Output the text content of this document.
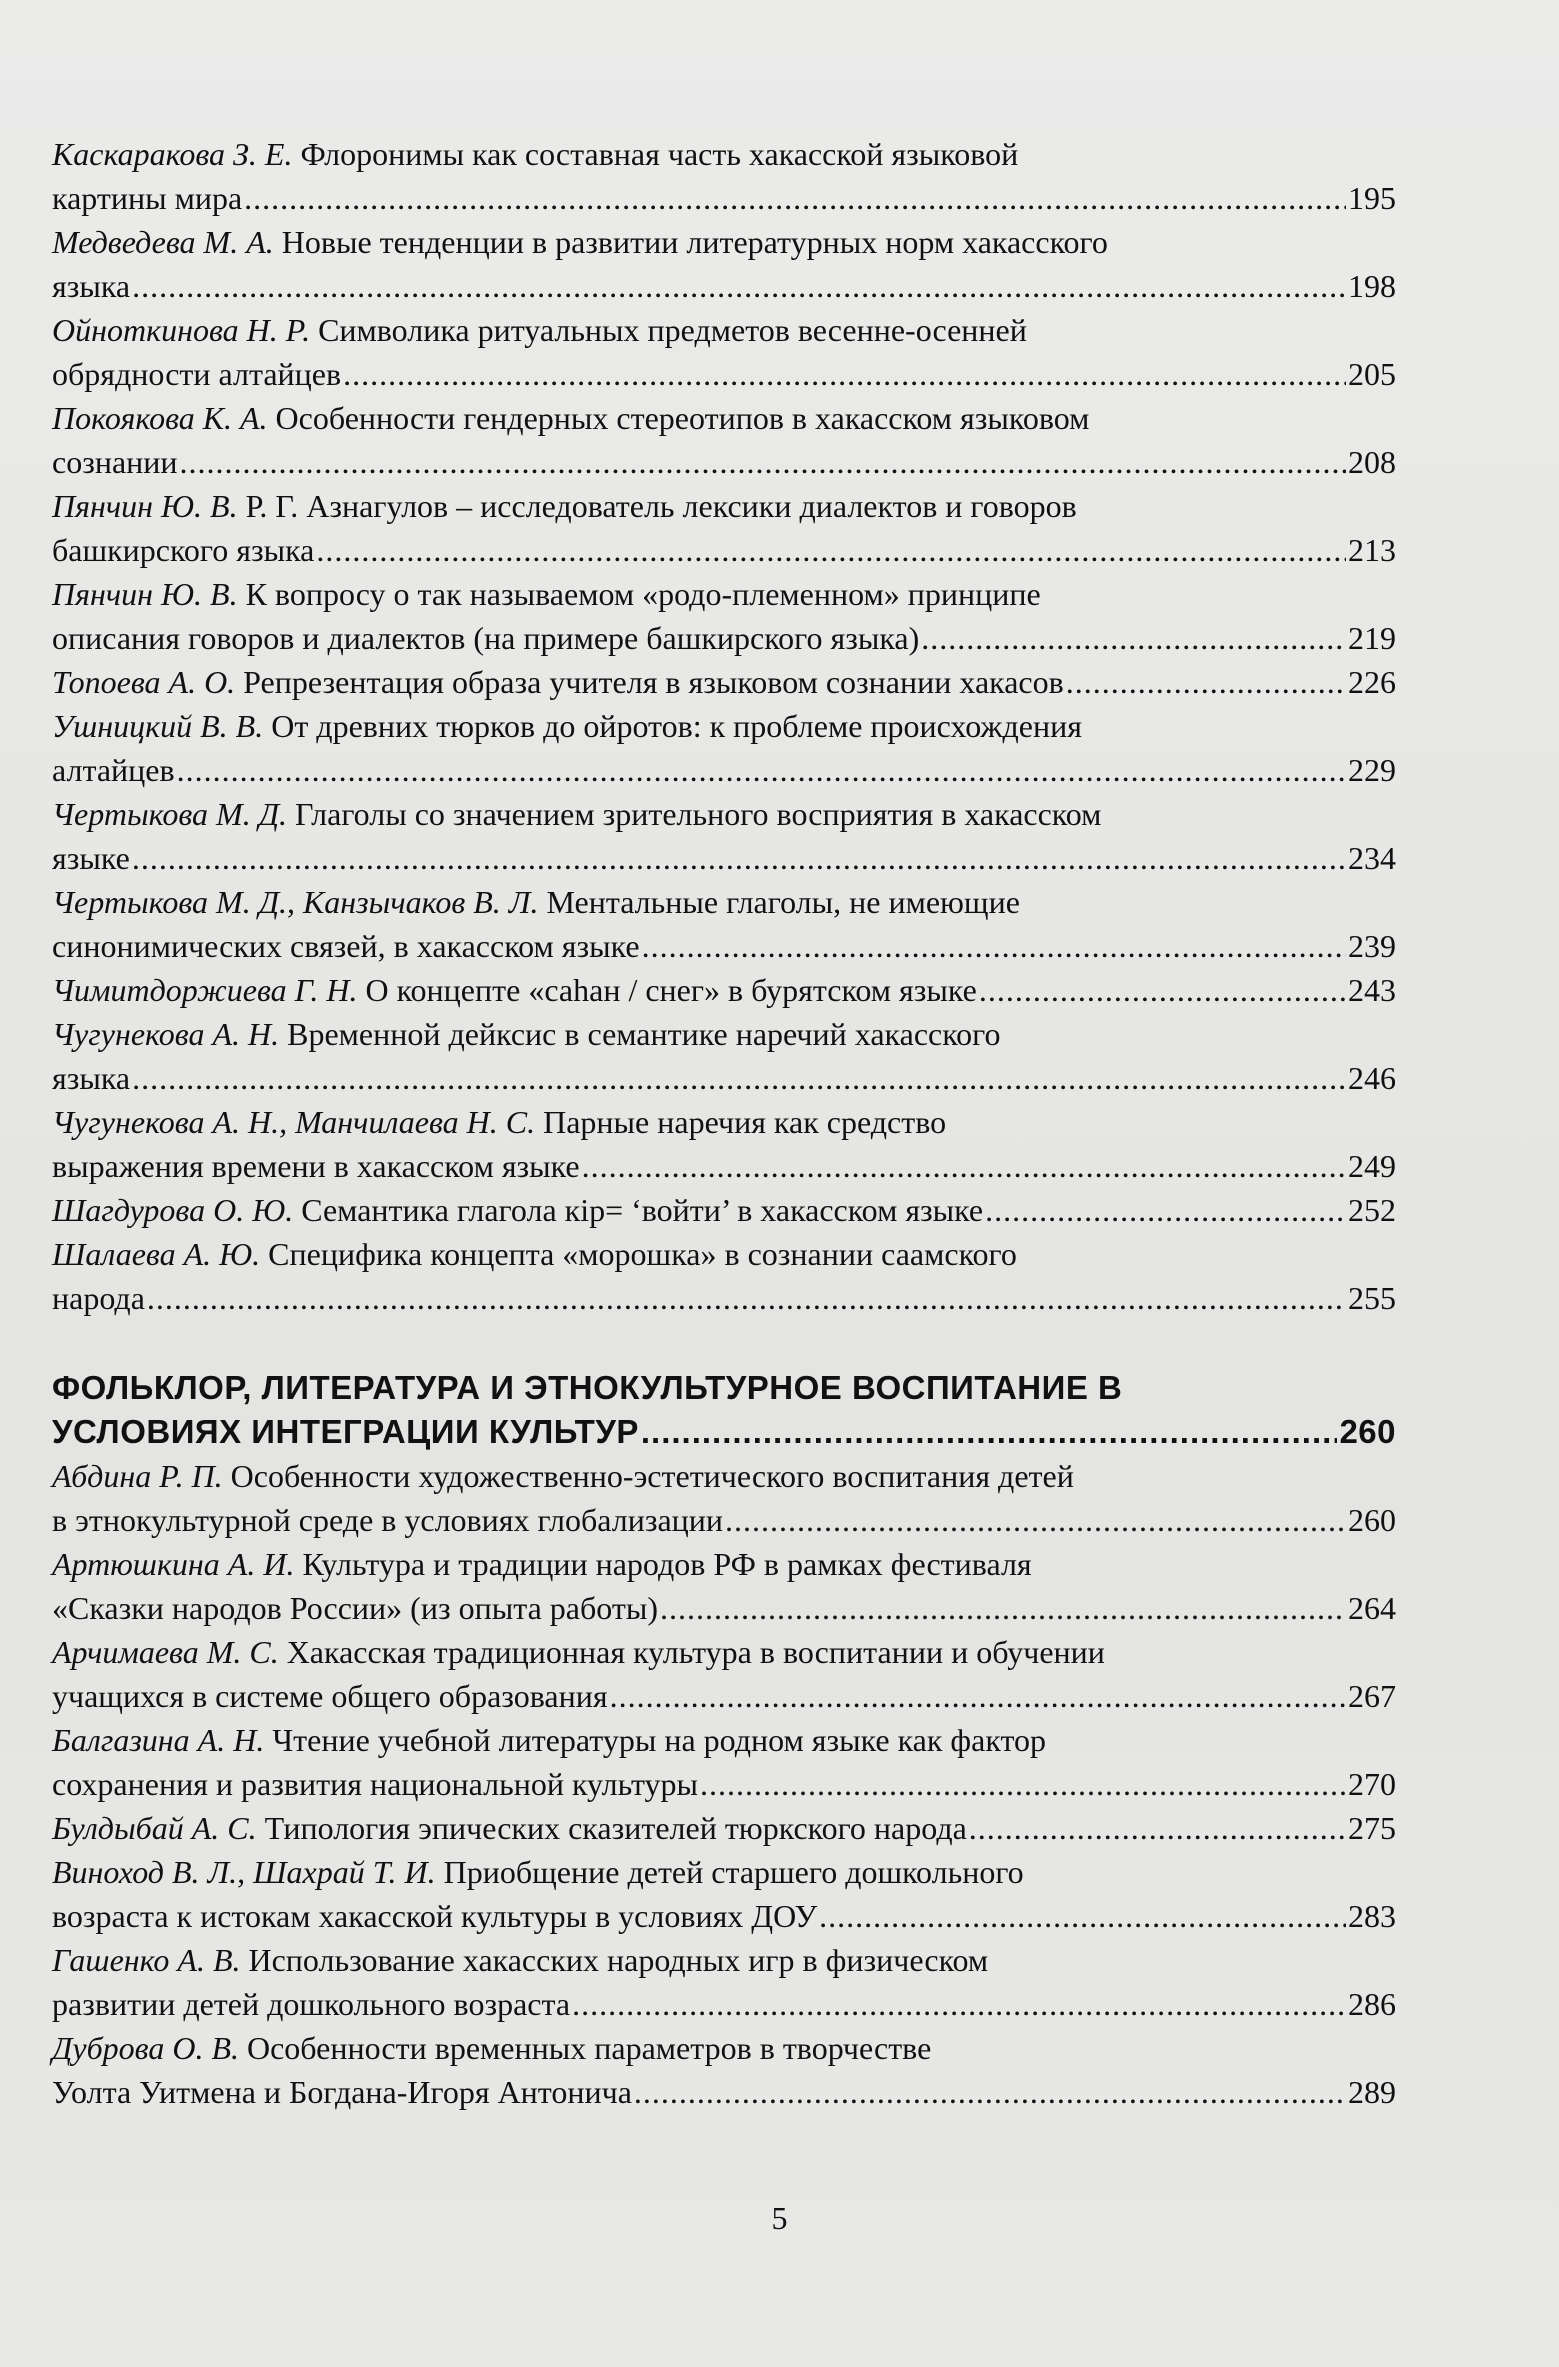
Каскаракова З. Е. Флоронимы как составная часть хакасской языковой
картины мира .....	195
Медведева М. А. Новые тенденции в развитии литературных норм хакасского
языка .....	198
Ойноткинова Н. Р. Символика ритуальных предметов весенне-осенней
обрядности алтайцев .....	205
Покоякова К. А. Особенности гендерных стереотипов в хакасском языковом
сознании .....	208
Пянчин Ю. В. Р. Г. Азнагулов – исследователь лексики диалектов и говоров
башкирского языка .....	213
Пянчин Ю. В. К вопросу о так называемом «родо-племенном» принципе
описания говоров и диалектов (на примере башкирского языка) .....	219
Топоева А. О. Репрезентация образа учителя в языковом сознании хакасов .....	226
Ушницкий В. В. От древних тюрков до ойротов: к проблеме происхождения
алтайцев .....	229
Чертыкова М. Д. Глаголы со значением зрительного восприятия в хакасском
языке .....	234
Чертыкова М. Д., Канзычаков В. Л. Ментальные глаголы, не имеющие
синонимических связей, в хакасском языке .....	239
Чимитдоржиева Г. Н. О концепте «саhан / снег» в бурятском языке .....	243
Чугунекова А. Н. Временной дейксис в семантике наречий хакасского
языка .....	246
Чугунекова А. Н., Манчилаева Н. С. Парные наречия как средство
выражения времени в хакасском языке .....	249
Шагдурова О. Ю. Семантика глагола кiр= ‘войти’ в хакасском языке .....	252
Шалаева А. Ю. Специфика концепта «морошка» в сознании саамского
народа .....	255
ФОЛЬКЛОР, ЛИТЕРАТУРА И ЭТНОКУЛЬТУРНОЕ ВОСПИТАНИЕ В
УСЛОВИЯХ ИНТЕГРАЦИИ КУЛЬТУР .....	260
Абдина Р. П. Особенности художественно-эстетического воспитания детей
в этнокультурной среде в условиях глобализации .....	260
Артюшкина А. И. Культура и традиции народов РФ в рамках фестиваля
«Сказки народов России» (из опыта работы) .....	264
Арчимаева М. С. Хакасская традиционная культура в воспитании и обучении
учащихся в системе общего образования .....	267
Балгазина А. Н. Чтение учебной литературы на родном языке как фактор
сохранения и развития национальной культуры .....	270
Булдыбай А. С. Типология эпических сказителей тюркского народа .....	275
Виноход В. Л., Шахрай Т. И. Приобщение детей старшего дошкольного
возраста к истокам хакасской культуры в условиях ДОУ .....	283
Гашенко А. В. Использование хакасских народных игр в физическом
развитии детей дошкольного возраста .....	286
Дуброва О. В. Особенности временных параметров в творчестве
Уолта Уитмена и Богдана-Игоря Антонича .....	289
5
